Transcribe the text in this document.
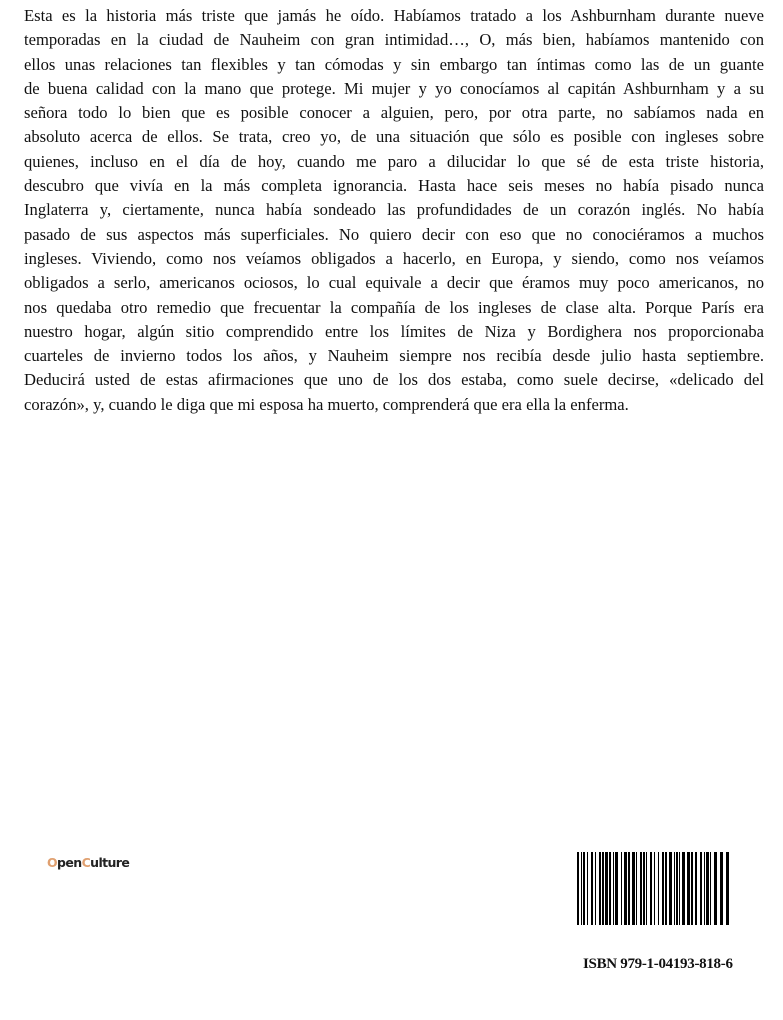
Esta es la historia más triste que jamás he oído. Habíamos tratado a los Ashburnham durante nueve
temporadas en la ciudad de Nauheim con gran intimidad…, O, más bien, habíamos mantenido con
ellos unas relaciones tan flexibles y tan cómodas y sin embargo tan íntimas como las de un guante
de buena calidad con la mano que protege. Mi mujer y yo conocíamos al capitán Ashburnham y a su
señora todo lo bien que es posible conocer a alguien, pero, por otra parte, no sabíamos nada en
absoluto acerca de ellos. Se trata, creo yo, de una situación que sólo es posible con ingleses sobre
quienes, incluso en el día de hoy, cuando me paro a dilucidar lo que sé de esta triste historia,
descubro que vivía en la más completa ignorancia. Hasta hace seis meses no había pisado nunca
Inglaterra y, ciertamente, nunca había sondeado las profundidades de un corazón inglés. No había
pasado de sus aspectos más superficiales. No quiero decir con eso que no conociéramos a muchos
ingleses. Viviendo, como nos veíamos obligados a hacerlo, en Europa, y siendo, como nos veíamos
obligados a serlo, americanos ociosos, lo cual equivale a decir que éramos muy poco americanos, no
nos quedaba otro remedio que frecuentar la compañía de los ingleses de clase alta. Porque París era
nuestro hogar, algún sitio comprendido entre los límites de Niza y Bordighera nos proporcionaba
cuarteles de invierno todos los años, y Nauheim siempre nos recibía desde julio hasta septiembre.
Deducirá usted de estas afirmaciones que uno de los dos estaba, como suele decirse, «delicado del
corazón», y, cuando le diga que mi esposa ha muerto, comprenderá que era ella la enferma.
OpenCulture
ISBN 979-1-04193-818-6
